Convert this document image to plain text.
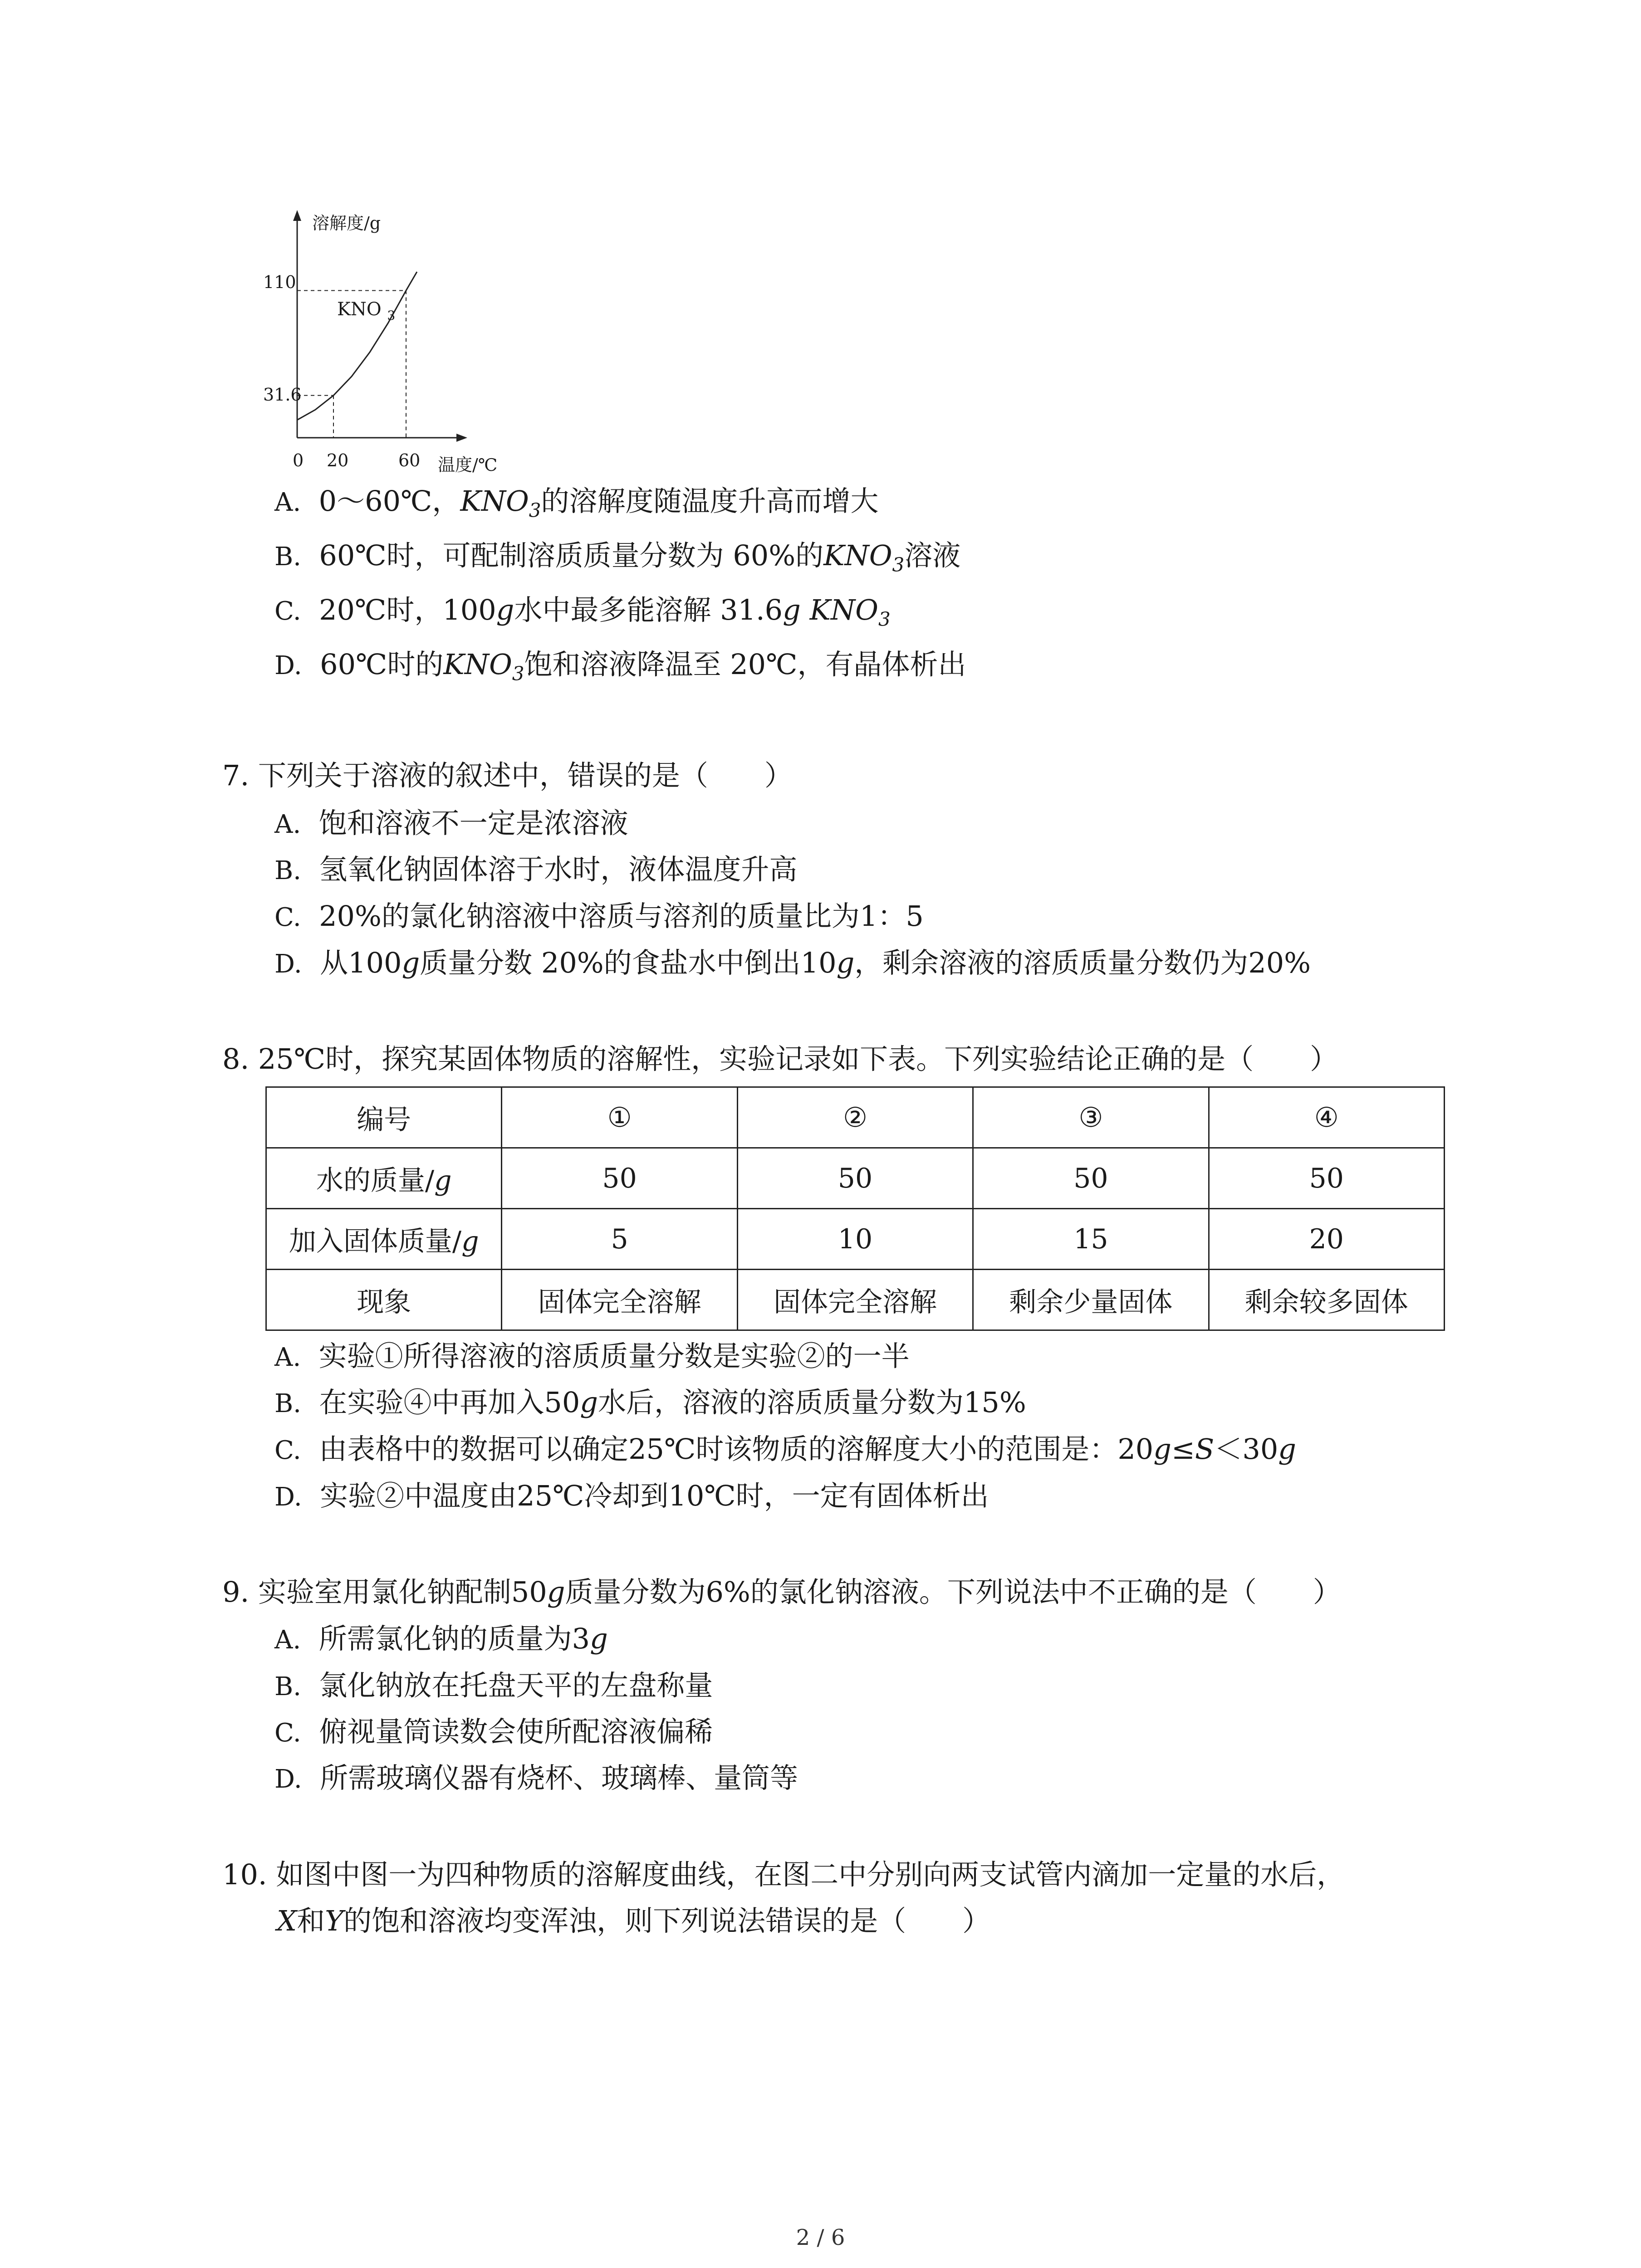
溶解度/g
温度/℃
KNO $_3$
110
31.6
0 20	60
A. 0～60℃，$KNO_3$的溶解度随温度升高而增大
B. 60℃时，可配制溶质质量分数为 60%的$KNO_3$溶液
C. 20℃时，100g水中最多能溶解 31.6g $KNO_3$
D. 60℃时的$KNO_3$饱和溶液降温至 20℃，有晶体析出
7. 下列关于溶液的叙述中，错误的是（　　）
A. 饱和溶液不一定是浓溶液
B. 氢氧化钠固体溶于水时，液体温度升高
C. 20%的氯化钠溶液中溶质与溶剂的质量比为1：5
D. 从100g质量分数 20%的食盐水中倒出10g，剩余溶液的溶质质量分数仍为20%
8. 25℃时，探究某固体物质的溶解性，实验记录如下表。下列实验结论正确的是（　　）
编号	①	②	③	④
水的质量/g	50	50	50	50
加入固体质量/g	5	10	15	20
现象	固体完全溶解	固体完全溶解	剩余少量固体	剩余较多固体
A. 实验①所得溶液的溶质质量分数是实验②的一半
B. 在实验④中再加入50g水后，溶液的溶质质量分数为15%
C. 由表格中的数据可以确定25℃时该物质的溶解度大小的范围是：20g≤S＜30g
D. 实验②中温度由25℃冷却到10℃时，一定有固体析出
9. 实验室用氯化钠配制50g质量分数为6%的氯化钠溶液。下列说法中不正确的是（　　）
A. 所需氯化钠的质量为3g
B. 氯化钠放在托盘天平的左盘称量
C. 俯视量筒读数会使所配溶液偏稀
D. 所需玻璃仪器有烧杯、玻璃棒、量筒等
10. 如图中图一为四种物质的溶解度曲线，在图二中分别向两支试管内滴加一定量的水后，
X和Y的饱和溶液均变浑浊，则下列说法错误的是（　　）
2 / 6
